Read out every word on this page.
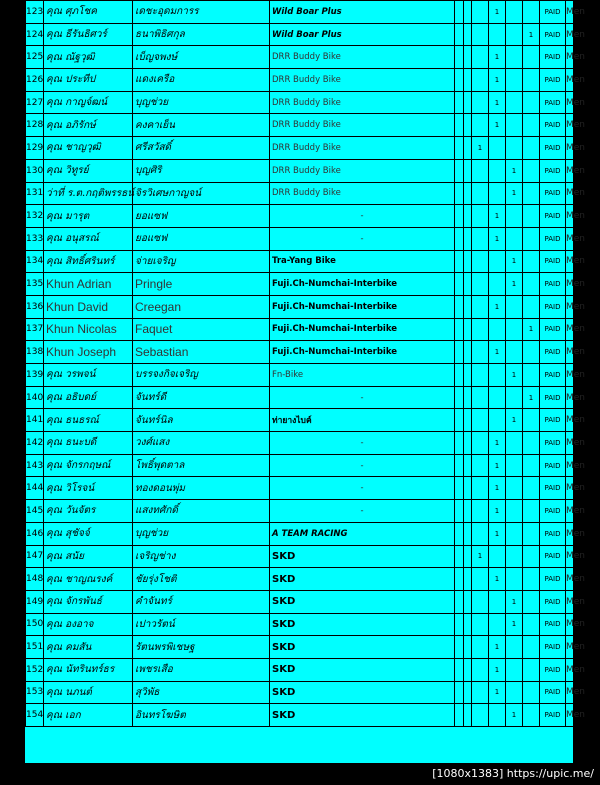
123	คุณ ศุภโชค	เดชะอุดมการร	Wild Boar Plus				1			PAID	Men
124	คุณ ธีรันธิศวร์	ธนาพิธิศกุล	Wild Boar Plus						1	PAID	Men
125	คุณ ณัฐวุฒิ	เบ็ญจพงษ์	DRR Buddy Bike				1			PAID	Men
126	คุณ ประทีป	แดงเครือ	DRR Buddy Bike				1			PAID	Men
127	คุณ กาญจ์ฒน์	บุญช่วย	DRR Buddy Bike				1			PAID	Men
128	คุณ อภิรักษ์	คงคาเย็น	DRR Buddy Bike				1			PAID	Men
129	คุณ ชาญวุฒิ	ศรีสวัสดิ์	DRR Buddy Bike			1				PAID	Men
130	คุณ วิทูรย์	บุญศิริ	DRR Buddy Bike					1		PAID	Men
131	ว่าที่ ร.ต.กฤติพรรธน์	จิรวิเศษกาญจน์	DRR Buddy Bike					1		PAID	Men
132	คุณ มารุต	ยอแซฟ	-				1			PAID	Men
133	คุณ อนุสรณ์	ยอแซฟ	-				1			PAID	Men
134	คุณ สิทธิ์ศรินทร์	จ่ายเจริญ	Tra-Yang Bike					1		PAID	Men
135	Khun Adrian	Pringle	Fuji.Ch-Numchai-Interbike					1		PAID	Men
136	Khun David	Creegan	Fuji.Ch-Numchai-Interbike				1			PAID	Men
137	Khun Nicolas	Faquet	Fuji.Ch-Numchai-Interbike						1	PAID	Men
138	Khun Joseph	Sebastian	Fuji.Ch-Numchai-Interbike				1			PAID	Men
139	คุณ วรพจน์	บรรจงกิจเจริญ	Fn-Bike					1		PAID	Men
140	คุณ อธิบดย์	จันทร์ดี	-						1	PAID	Men
141	คุณ ธนธรณ์	จันทร์นิล	ท่ายางไบค์					1		PAID	Men
142	คุณ ธนะบดี	วงศ์แสง	-				1			PAID	Men
143	คุณ จักรกฤษณ์	โพธิ์พุดตาล	-				1			PAID	Men
144	คุณ วิโรจน์	ทองดอนพุ่ม	-				1			PAID	Men
145	คุณ วันจัตร	แสงทศักดิ์	-				1			PAID	Men
146	คุณ สุชัจจ์	บุญช่วย	A TEAM RACING				1			PAID	Men
147	คุณ สนัย	เจริญช่าง	SKD			1				PAID	Men
148	คุณ ชาญณรงค์	ชัยรุ่งโชติ	SKD				1			PAID	Men
149	คุณ จักรพันธ์	คำจันทร์	SKD					1		PAID	Men
150	คุณ องอาจ	เปาวรัตน์	SKD					1		PAID	Men
151	คุณ คมสัน	รัตนพรพิเชษฐ	SKD				1			PAID	Men
152	คุณ นัทรินทร์ธร	เพชรเสือ	SKD				1			PAID	Men
153	คุณ นภนต์	สุวิพัธ	SKD				1			PAID	Men
154	คุณ เอก	อินทรโฆษิต	SKD					1		PAID	Men
[1080x1383] https://upic.me/
